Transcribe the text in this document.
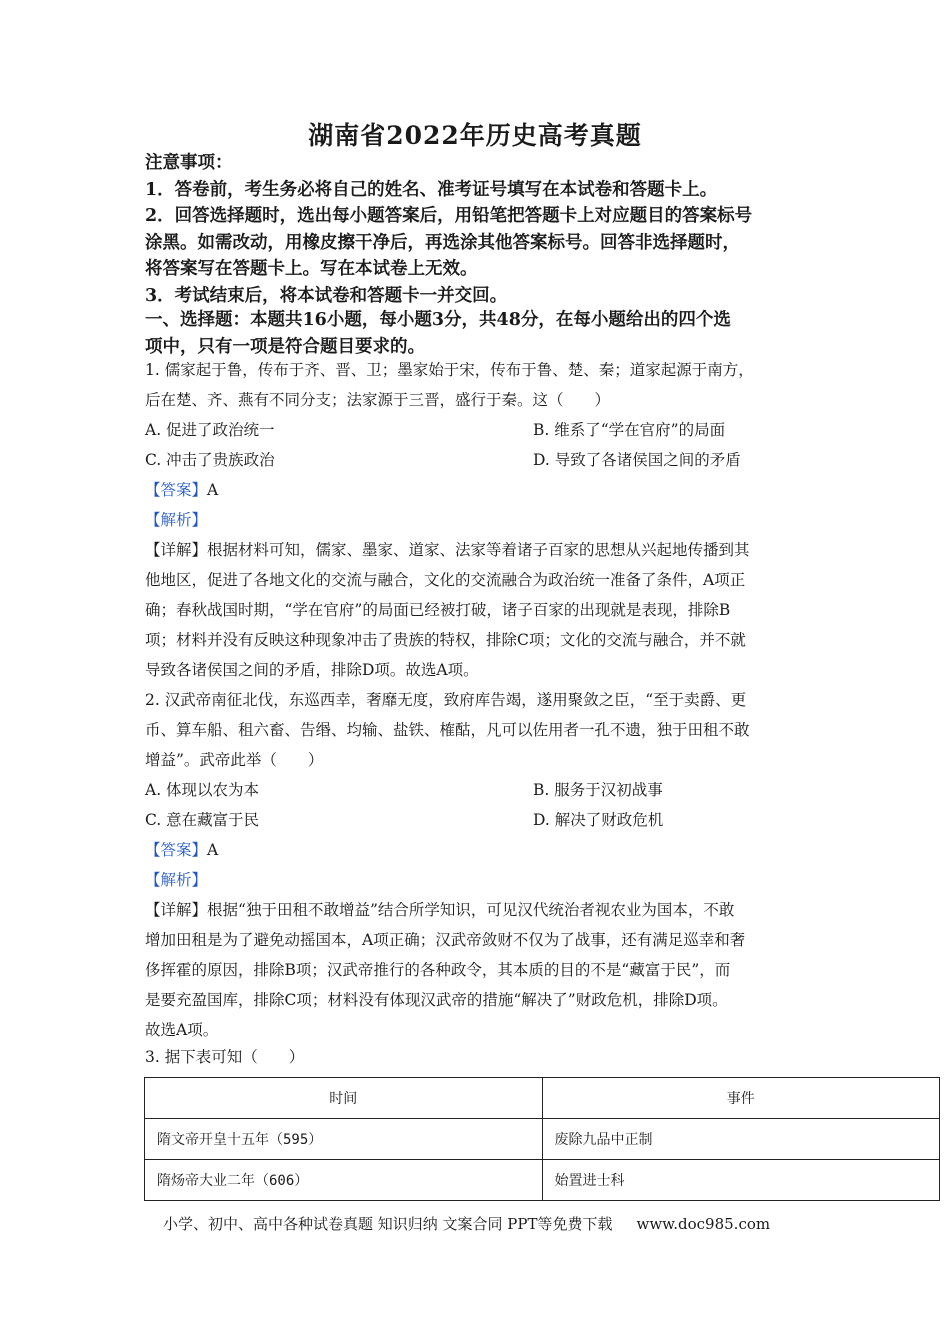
湖南省2022年历史高考真题
注意事项：
1．答卷前，考生务必将自己的姓名、准考证号填写在本试卷和答题卡上。
2．回答选择题时，选出每小题答案后，用铅笔把答题卡上对应题目的答案标号
涂黑。如需改动，用橡皮擦干净后，再选涂其他答案标号。回答非选择题时，
将答案写在答题卡上。写在本试卷上无效。
3．考试结束后，将本试卷和答题卡一并交回。
一、选择题：本题共16小题，每小题3分，共48分，在每小题给出的四个选
项中，只有一项是符合题目要求的。
1. 儒家起于鲁，传布于齐、晋、卫；墨家始于宋，传布于鲁、楚、秦；道家起源于南方，
后在楚、齐、燕有不同分支；法家源于三晋，盛行于秦。这（　　）
A. 促进了政治统一	B. 维系了“学在官府”的局面
C. 冲击了贵族政治	D. 导致了各诸侯国之间的矛盾
【答案】A
【解析】
【详解】根据材料可知，儒家、墨家、道家、法家等着诸子百家的思想从兴起地传播到其
他地区，促进了各地文化的交流与融合，文化的交流融合为政治统一准备了条件，A项正
确；春秋战国时期，“学在官府”的局面已经被打破，诸子百家的出现就是表现，排除B
项；材料并没有反映这种现象冲击了贵族的特权，排除C项；文化的交流与融合，并不就
导致各诸侯国之间的矛盾，排除D项。故选A项。
2. 汉武帝南征北伐，东巡西幸，奢靡无度，致府库告竭，遂用聚敛之臣，“至于卖爵、更
币、算车船、租六畜、告缗、均输、盐铁、榷酤，凡可以佐用者一孔不遗，独于田租不敢
增益”。武帝此举（　　）
A. 体现以农为本	B. 服务于汉初战事
C. 意在藏富于民	D. 解决了财政危机
【答案】A
【解析】
【详解】根据“独于田租不敢增益”结合所学知识，可见汉代统治者视农业为国本，不敢
增加田租是为了避免动摇国本，A项正确；汉武帝敛财不仅为了战事，还有满足巡幸和奢
侈挥霍的原因，排除B项；汉武帝推行的各种政令，其本质的目的不是“藏富于民”，而
是要充盈国库，排除C项；材料没有体现汉武帝的措施“解决了”财政危机，排除D项。
故选A项。
3. 据下表可知（　　）
时间	事件
隋文帝开皇十五年（595）	废除九品中正制
隋炀帝大业二年（606）	始置进士科
小学、初中、高中各种试卷真题 知识归纳 文案合同 PPT等免费下载 www.doc985.com
